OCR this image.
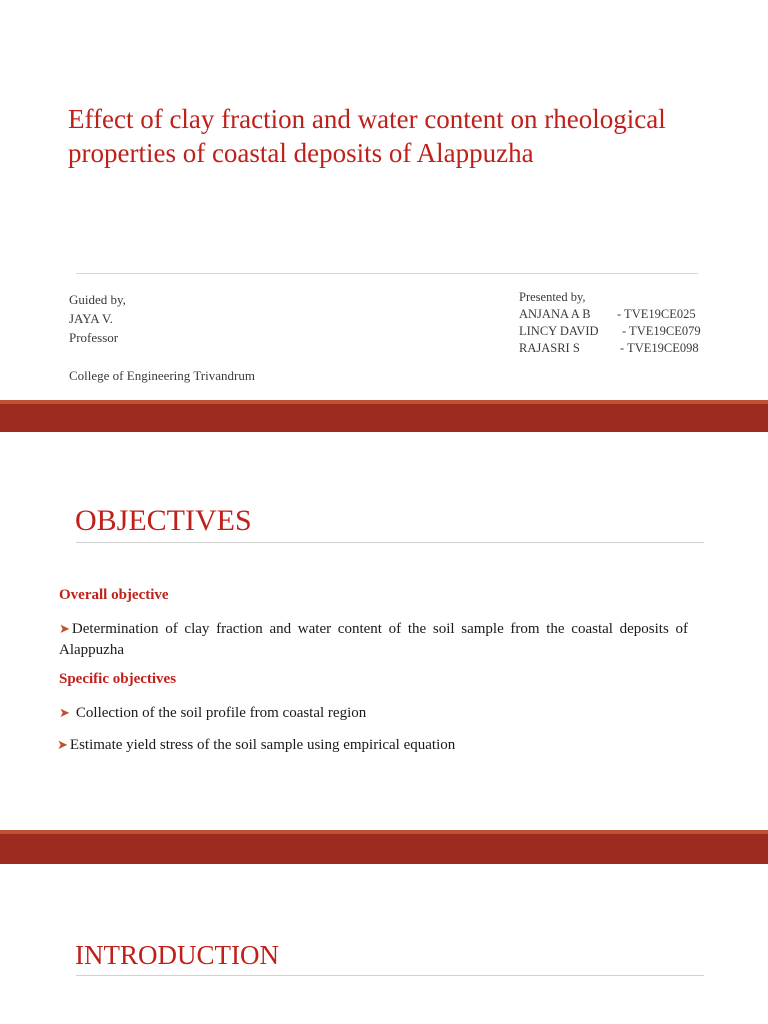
Effect of clay fraction and water content on rheological properties of coastal deposits of Alappuzha
Guided by,
JAYA V.
Professor
College of Engineering Trivandrum
Presented by,
ANJANA A B - TVE19CE025
LINCY DAVID - TVE19CE079
RAJASRI S	- TVE19CE098
OBJECTIVES
Overall objective
➤ Determination of clay fraction and water content of the soil sample from the coastal deposits of Alappuzha
Specific objectives
➤ Collection of the soil profile from coastal region
➤ Estimate yield stress of the soil sample using empirical equation
INTRODUCTION
